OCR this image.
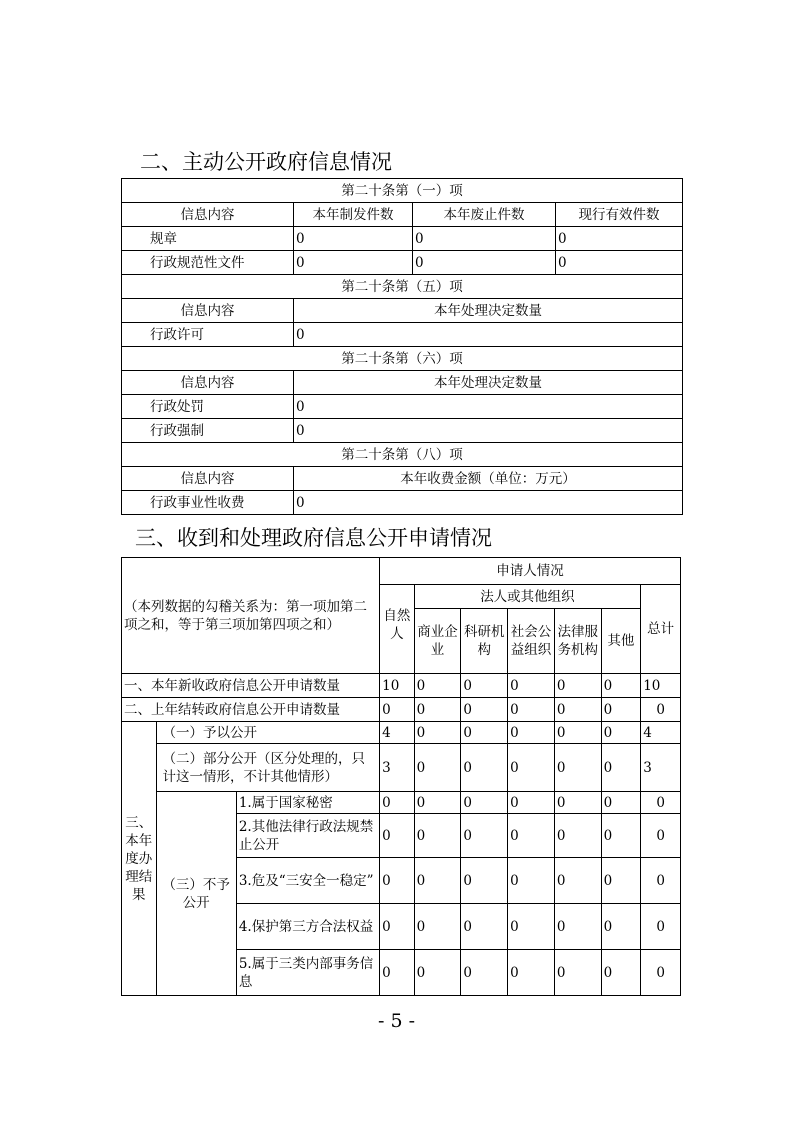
二、主动公开政府信息情况
第二十条第（一）项			
信息内容	本年制发件数	本年废止件数	现行有效件数
规章	0	0	0
行政规范性文件	0	0	0
第二十条第（五）项			
信息内容	本年处理决定数量		
行政许可	0		
第二十条第（六）项			
信息内容	本年处理决定数量		
行政处罚	0		
行政强制	0		
第二十条第（八）项			
信息内容	本年收费金额（单位：万元）		
行政事业性收费	0		
三、收到和处理政府信息公开申请情况
（本列数据的勾稽关系为：第一项加第二项之和，等于第三项加第四项之和）			申请人情况						
			自然人	法人或其他组织					总计
				商业企业	科研机构	社会公益组织	法律服务机构	其他	
一、本年新收政府信息公开申请数量			10	0	0	0	0	0	10
二、上年结转政府信息公开申请数量			0	0	0	0	0	0	0
三、本年度办理结果	（一）予以公开		4	0	0	0	0	0	4
	（二）部分公开（区分处理的，只计这一情形，不计其他情形）		3	0	0	0	0	0	3
	（三）不予公开	1.属于国家秘密	0	0	0	0	0	0	0
		2.其他法律行政法规禁止公开	0	0	0	0	0	0	0
		3.危及“三安全一稳定”	0	0	0	0	0	0	0
		4.保护第三方合法权益	0	0	0	0	0	0	0
		5.属于三类内部事务信息	0	0	0	0	0	0	0
- 5 -
